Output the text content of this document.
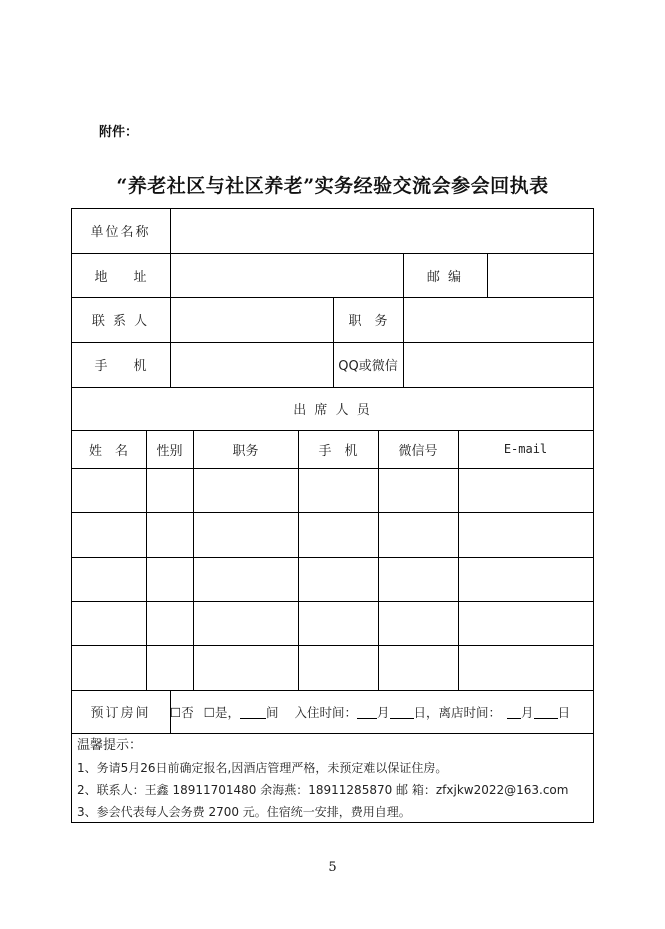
附件：
“养老社区与社区养老”实务经验交流会参会回执表
单位名称
地　　址	邮 编
联 系 人	职　务
手　　机	QQ或微信
出 席 人 员
姓　名	性别	职务	手　机	微信号	E-mail
预订房间	☐否 ☐是， 间 入住时间： 月 日， 离店时间： 月 日
温馨提示：
1、务请5月26日前确定报名,因酒店管理严格，未预定难以保证住房。
2、联系人：王鑫 18911701480 余海燕：18911285870 邮 箱：zfxjkw2022@163.com
3、参会代表每人会务费 2700 元。住宿统一安排，费用自理。
5
